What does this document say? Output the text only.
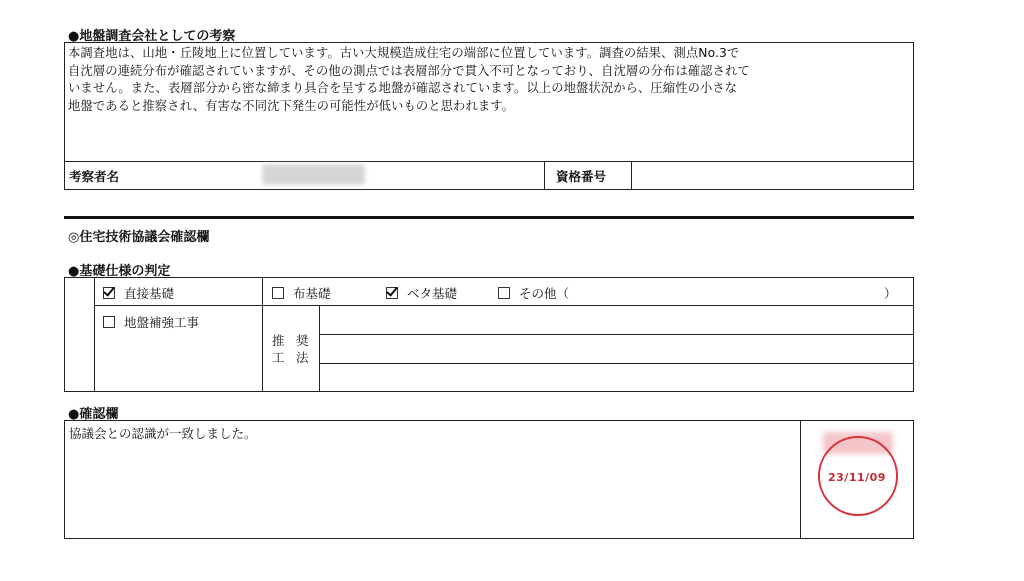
●地盤調査会社としての考察
本調査地は、山地・丘陵地上に位置しています。古い大規模造成住宅の端部に位置しています。調査の結果、測点No.3で
自沈層の連続分布が確認されていますが、その他の測点では表層部分で貫入不可となっており、自沈層の分布は確認されて
いません。また、表層部分から密な締まり具合を呈する地盤が確認されています。以上の地盤状況から、圧縮性の小さな
地盤であると推察され、有害な不同沈下発生の可能性が低いものと思われます。
考察者名	資格番号
◎住宅技術協議会確認欄
●基礎仕様の判定
直接基礎	布基礎	ベタ基礎	その他（	）
地盤補強工事
推 奨
工 法
●確認欄
協議会との認識が一致しました。
23/11/09
